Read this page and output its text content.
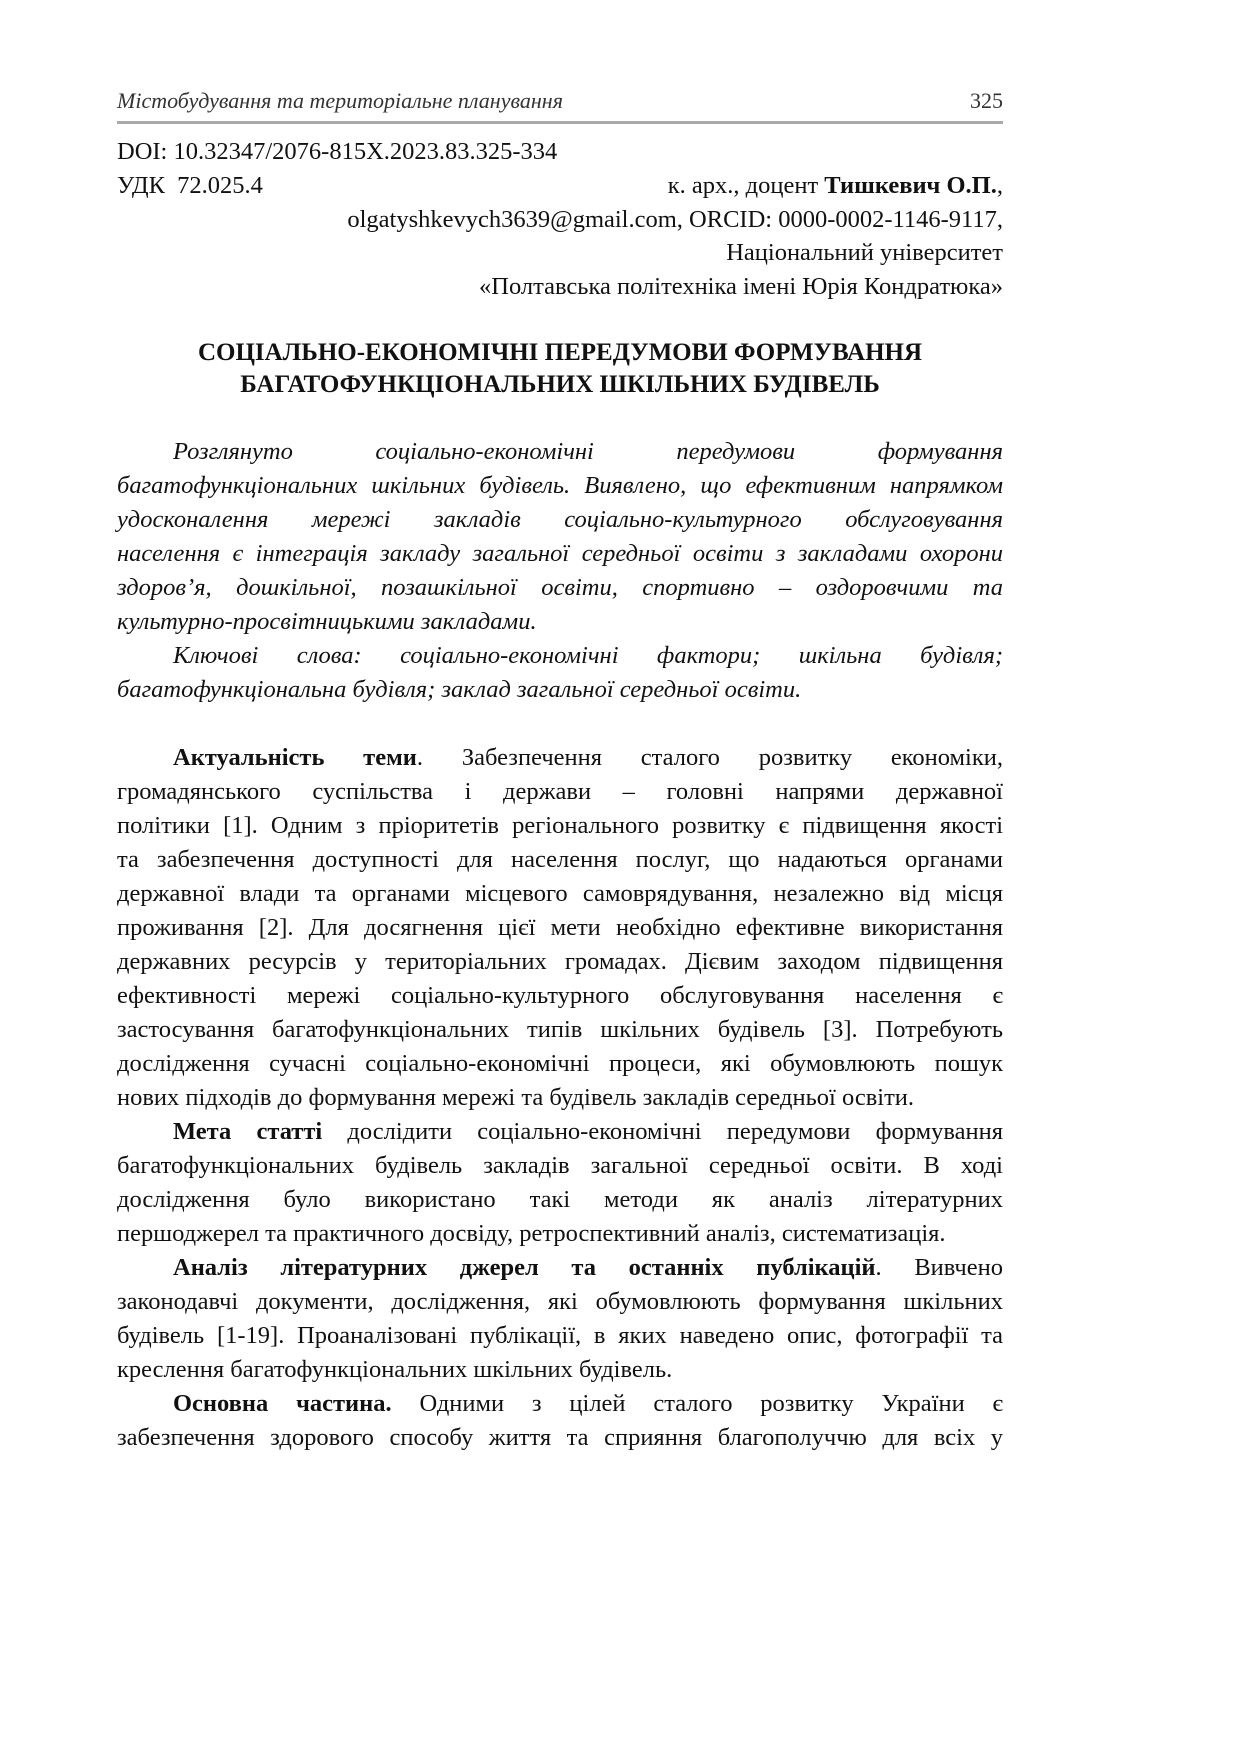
Містобудування та територіальне планування	325
DOI: 10.32347/2076-815X.2023.83.325-334
УДК  72.025.4	к. арх., доцент Тишкевич О.П.,
olgatyshkevych3639@gmail.com, ORCID: 0000-0002-1146-9117,
Національний університет
«Полтавська політехніка імені Юрія Кондратюка»
СОЦІАЛЬНО-ЕКОНОМІЧНІ ПЕРЕДУМОВИ ФОРМУВАННЯ
БАГАТОФУНКЦІОНАЛЬНИХ ШКІЛЬНИХ БУДІВЕЛЬ
Розглянуто соціально-економічні передумови формування
багатофункціональних шкільних будівель. Виявлено, що ефективним напрямком
удосконалення мережі закладів соціально-культурного обслуговування
населення є інтеграція закладу загальної середньої освіти з закладами охорони
здоров’я, дошкільної, позашкільної освіти, спортивно – оздоровчими та
культурно-просвітницькими закладами.
Ключові слова: соціально-економічні фактори; шкільна будівля;
багатофункціональна будівля; заклад загальної середньої освіти.
Актуальність теми. Забезпечення сталого розвитку економіки,
громадянського суспільства і держави – головні напрями державної
політики [1]. Одним з пріоритетів регіонального розвитку є підвищення якості
та забезпечення доступності для населення послуг, що надаються органами
державної влади та органами місцевого самоврядування, незалежно від місця
проживання [2]. Для досягнення цієї мети необхідно ефективне використання
державних ресурсів у територіальних громадах. Дієвим заходом підвищення
ефективності мережі соціально-культурного обслуговування населення є
застосування багатофункціональних типів шкільних будівель [3]. Потребують
дослідження сучасні соціально-економічні процеси, які обумовлюють пошук
нових підходів до формування мережі та будівель закладів середньої освіти.
Мета статті дослідити соціально-економічні передумови формування
багатофункціональних будівель закладів загальної середньої освіти. В ході
дослідження було використано такі методи як аналіз літературних
першоджерел та практичного досвіду, ретроспективний аналіз, систематизація.
Аналіз літературних джерел та останніх публікацій. Вивчено
законодавчі документи, дослідження, які обумовлюють формування шкільних
будівель [1-19]. Проаналізовані публікації, в яких наведено опис, фотографії та
креслення багатофункціональних шкільних будівель.
Основна частина. Одними з цілей сталого розвитку України є
забезпечення здорового способу життя та сприяння благополуччю для всіх у
